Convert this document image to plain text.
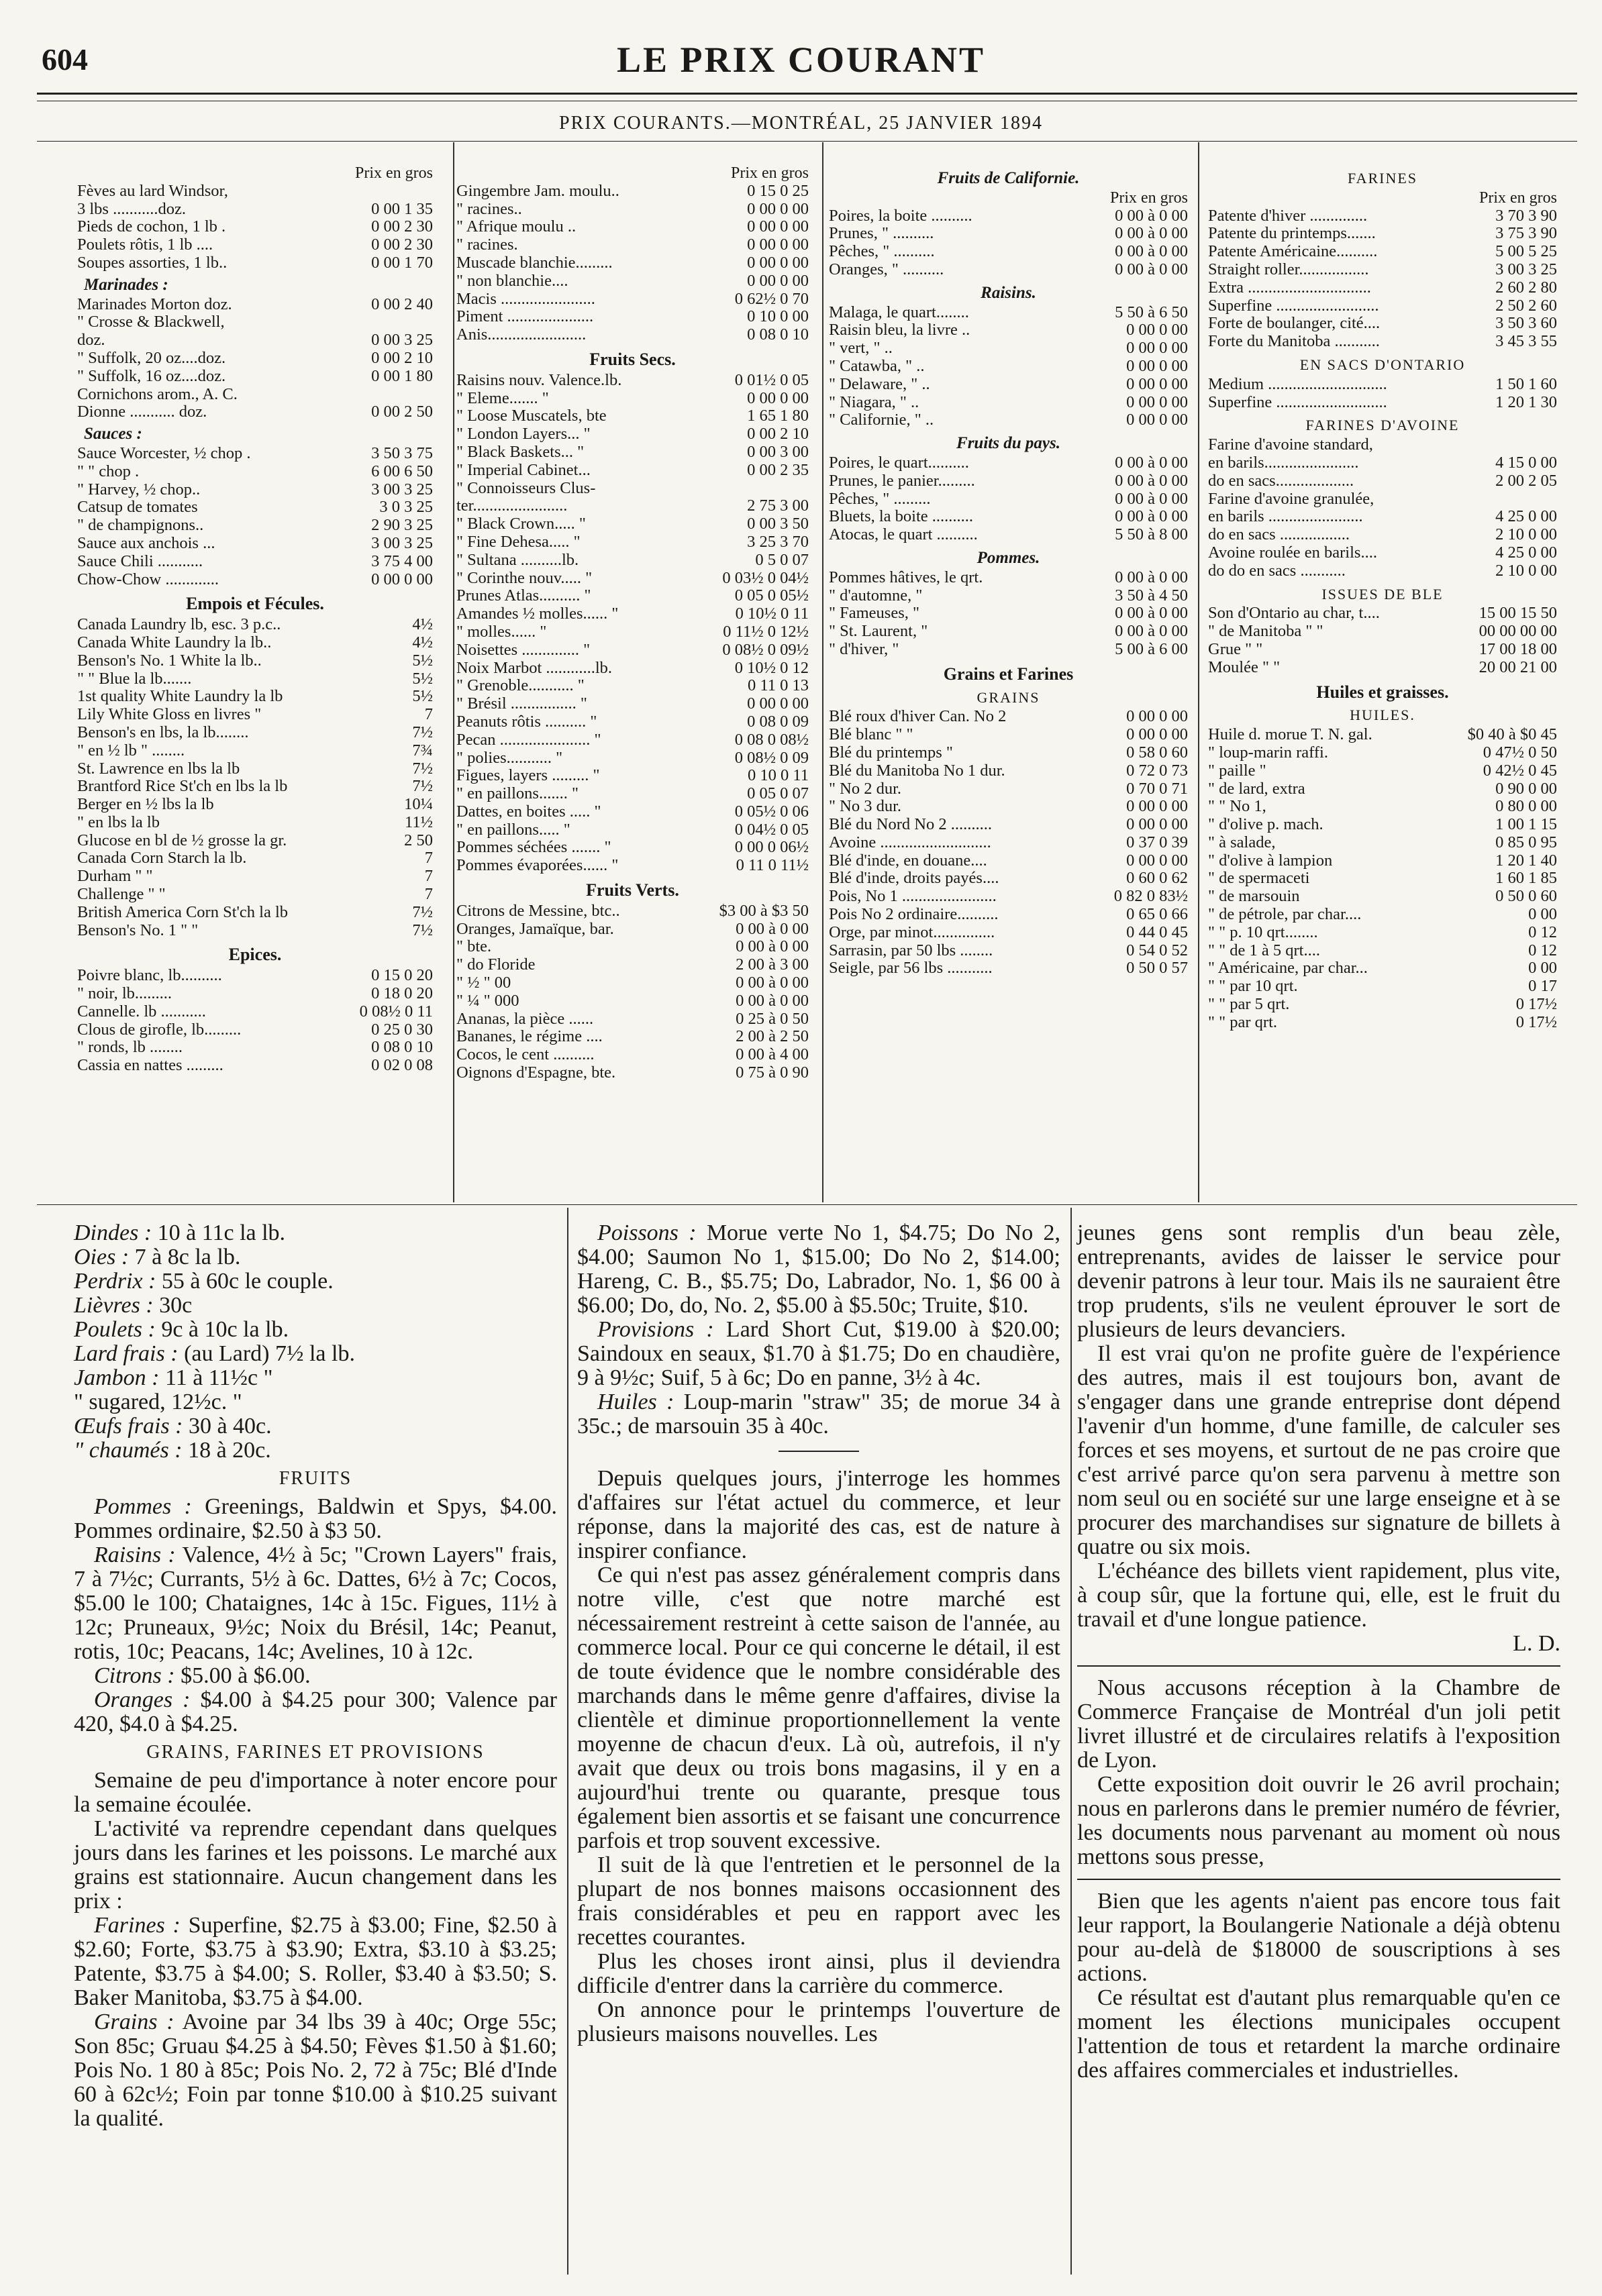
604	LE PRIX COURANT
PRIX COURANTS.—MONTRÉAL, 25 JANVIER 1894
Prix en gros
Fèves au lard Windsor,
3 lbs ...........doz.	0 00 1 35
Pieds de cochon, 1 lb .	0 00 2 30
Poulets rôtis, 1 lb ....	0 00 2 30
Soupes assorties, 1 lb..	0 00 1 70
Marinades :
Marinades Morton doz.	0 00 2 40
" Crosse & Blackwell,
doz.	0 00 3 25
" Suffolk, 20 oz....doz.	0 00 2 10
" Suffolk, 16 oz....doz.	0 00 1 80
Cornichons arom., A. C.
Dionne ........... doz.	0 00 2 50
Sauces :
Sauce Worcester, ½ chop .	3 50 3 75
" " chop .	6 00 6 50
" Harvey, ½ chop..	3 00 3 25
Catsup de tomates	3 0 3 25
" de champignons..	2 90 3 25
Sauce aux anchois ...	3 00 3 25
Sauce Chili ...........	3 75 4 00
Chow-Chow .............	0 00 0 00
Empois et Fécules.
Canada Laundry lb, esc. 3 p.c..	4½
Canada White Laundry la lb..	4½
Benson's No. 1 White la lb..	5½
" " Blue la lb.......	5½
1st quality White Laundry la lb	5½
Lily White Gloss en livres "	7
Benson's en lbs, la lb........	7½
" en ½ lb " ........	7¾
St. Lawrence en lbs la lb	7½
Brantford Rice St'ch en lbs la lb	7½
Berger en ½ lbs la lb	10¼
" en lbs la lb	11½
Glucose en bl de ½ grosse la gr.	2 50
Canada Corn Starch la lb.	7
Durham " "	7
Challenge " "	7
British America Corn St'ch la lb	7½
Benson's No. 1 " "	7½
Epices.
Poivre blanc, lb..........	0 15 0 20
" noir, lb.........	0 18 0 20
Cannelle. lb ...........	0 08½ 0 11
Clous de girofle, lb.........	0 25 0 30
" ronds, lb ........	0 08 0 10
Cassia en nattes .........	0 02 0 08
Prix en gros
Gingembre Jam. moulu..	0 15 0 25
" racines..	0 00 0 00
" Afrique moulu ..	0 00 0 00
" racines.	0 00 0 00
Muscade blanchie.........	0 00 0 00
" non blanchie....	0 00 0 00
Macis .......................	0 62½ 0 70
Piment .....................	0 10 0 00
Anis........................	0 08 0 10
Fruits Secs.
Raisins nouv. Valence.lb.	0 01½ 0 05
" Eleme....... "	0 00 0 00
" Loose Muscatels, bte	1 65 1 80
" London Layers... "	0 00 2 10
" Black Baskets... "	0 00 3 00
" Imperial Cabinet...	0 00 2 35
" Connoisseurs Clus-
ter.......................	2 75 3 00
" Black Crown..... "	0 00 3 50
" Fine Dehesa..... "	3 25 3 70
" Sultana ..........lb.	0 5 0 07
" Corinthe nouv..... "	0 03½ 0 04½
Prunes Atlas.......... "	0 05 0 05½
Amandes ½ molles...... "	0 10½ 0 11
" molles...... "	0 11½ 0 12½
Noisettes .............. "	0 08½ 0 09½
Noix Marbot ............lb.	0 10½ 0 12
" Grenoble........... "	0 11 0 13
" Brésil ................ "	0 00 0 00
Peanuts rôtis .......... "	0 08 0 09
Pecan ...................... "	0 08 0 08½
" polies........... "	0 08½ 0 09
Figues, layers ......... "	0 10 0 11
" en paillons....... "	0 05 0 07
Dattes, en boites ..... "	0 05½ 0 06
" en paillons..... "	0 04½ 0 05
Pommes séchées ....... "	0 00 0 06½
Pommes évaporées...... "	0 11 0 11½
Fruits Verts.
Citrons de Messine, btc..	$3 00 à $3 50
Oranges, Jamaïque, bar.	0 00 à 0 00
" bte.	0 00 à 0 00
" do Floride	2 00 à 3 00
" ½ " 00	0 00 à 0 00
" ¼ " 000	0 00 à 0 00
Ananas, la pièce ......	0 25 à 0 50
Bananes, le régime ....	2 00 à 2 50
Cocos, le cent ..........	0 00 à 4 00
Oignons d'Espagne, bte.	0 75 à 0 90
Fruits de Californie.
Prix en gros
Poires, la boite ..........	0 00 à 0 00
Prunes, " ..........	0 00 à 0 00
Pêches, " ..........	0 00 à 0 00
Oranges, " ..........	0 00 à 0 00
Raisins.
Malaga, le quart........	5 50 à 6 50
Raisin bleu, la livre ..	0 00 0 00
" vert, " ..	0 00 0 00
" Catawba, " ..	0 00 0 00
" Delaware, " ..	0 00 0 00
" Niagara, " ..	0 00 0 00
" Californie, " ..	0 00 0 00
Fruits du pays.
Poires, le quart..........	0 00 à 0 00
Prunes, le panier.........	0 00 à 0 00
Pêches, " .........	0 00 à 0 00
Bluets, la boite ..........	0 00 à 0 00
Atocas, le quart ..........	5 50 à 8 00
Pommes.
Pommes hâtives, le qrt.	0 00 à 0 00
" d'automne, "	3 50 à 4 50
" Fameuses, "	0 00 à 0 00
" St. Laurent, "	0 00 à 0 00
" d'hiver, "	5 00 à 6 00
Grains et Farines
GRAINS
Blé roux d'hiver Can. No 2	0 00 0 00
Blé blanc " "	0 00 0 00
Blé du printemps "	0 58 0 60
Blé du Manitoba No 1 dur.	0 72 0 73
" No 2 dur.	0 70 0 71
" No 3 dur.	0 00 0 00
Blé du Nord No 2 ..........	0 00 0 00
Avoine ...........................	0 37 0 39
Blé d'inde, en douane....	0 00 0 00
Blé d'inde, droits payés....	0 60 0 62
Pois, No 1 .......................	0 82 0 83½
Pois No 2 ordinaire..........	0 65 0 66
Orge, par minot...............	0 44 0 45
Sarrasin, par 50 lbs ........	0 54 0 52
Seigle, par 56 lbs ...........	0 50 0 57
FARINES
Prix en gros
Patente d'hiver ..............	3 70 3 90
Patente du printemps.......	3 75 3 90
Patente Américaine..........	5 00 5 25
Straight roller.................	3 00 3 25
Extra ..............................	2 60 2 80
Superfine .........................	2 50 2 60
Forte de boulanger, cité....	3 50 3 60
Forte du Manitoba ...........	3 45 3 55
EN SACS D'ONTARIO
Medium .............................	1 50 1 60
Superfine ...........................	1 20 1 30
FARINES D'AVOINE
Farine d'avoine standard,
en barils.......................	4 15 0 00
do en sacs...................	2 00 2 05
Farine d'avoine granulée,
en barils .......................	4 25 0 00
do en sacs .................	2 10 0 00
Avoine roulée en barils....	4 25 0 00
do do en sacs ...........	2 10 0 00
ISSUES DE BLE
Son d'Ontario au char, t....	15 00 15 50
" de Manitoba " "	00 00 00 00
Grue " "	17 00 18 00
Moulée " "	20 00 21 00
Huiles et graisses.
HUILES.
Huile d. morue T. N. gal.	$0 40 à $0 45
" loup-marin raffi.	0 47½ 0 50
" paille "	0 42½ 0 45
" de lard, extra	0 90 0 00
" " No 1,	0 80 0 00
" d'olive p. mach.	1 00 1 15
" à salade,	0 85 0 95
" d'olive à lampion	1 20 1 40
" de spermaceti	1 60 1 85
" de marsouin	0 50 0 60
" de pétrole, par char....	0 00
" " p. 10 qrt........	0 12
" " de 1 à 5 qrt....	0 12
" Américaine, par char...	0 00
" " par 10 qrt.	0 17
" " par 5 qrt.	0 17½
" " par qrt.	0 17½

Dindes : 10 à 11c la lb.

Oies : 7 à 8c la lb.

Perdrix : 55 à 60c le couple.

Lièvres : 30c

Poulets : 9c à 10c la lb.

Lard frais : (au Lard) 7½ la lb.

Jambon : 11 à 11½c "

" sugared, 12½c. "

Œufs frais : 30 à 40c.

" chaumés : 18 à 20c.

FRUITS

Pommes : Greenings, Baldwin et Spys, $4.00. Pommes ordinaire, $2.50 à $3 50.

Raisins : Valence, 4½ à 5c; "Crown Layers" frais, 7 à 7½c; Currants, 5½ à 6c. Dattes, 6½ à 7c; Cocos, $5.00 le 100; Chataignes, 14c à 15c. Figues, 11½ à 12c; Pruneaux, 9½c; Noix du Brésil, 14c; Peanut, rotis, 10c; Peacans, 14c; Avelines, 10 à 12c.

Citrons : $5.00 à $6.00.

Oranges : $4.00 à $4.25 pour 300; Valence par 420, $4.0 à $4.25.

GRAINS, FARINES ET PROVISIONS

Semaine de peu d'importance à noter encore pour la semaine écoulée.

L'activité va reprendre cependant dans quelques jours dans les farines et les poissons. Le marché aux grains est stationnaire. Aucun changement dans les prix :

Farines : Superfine, $2.75 à $3.00; Fine, $2.50 à $2.60; Forte, $3.75 à $3.90; Extra, $3.10 à $3.25; Patente, $3.75 à $4.00; S. Roller, $3.40 à $3.50; S. Baker Manitoba, $3.75 à $4.00.

Grains : Avoine par 34 lbs 39 à 40c; Orge 55c; Son 85c; Gruau $4.25 à $4.50; Fèves $1.50 à $1.60; Pois No. 1 80 à 85c; Pois No. 2, 72 à 75c; Blé d'Inde 60 à 62c½; Foin par tonne $10.00 à $10.25 suivant la qualité.

Poissons : Morue verte No 1, $4.75; Do No 2, $4.00; Saumon No 1, $15.00; Do No 2, $14.00; Hareng, C. B., $5.75; Do, Labrador, No. 1, $6 00 à $6.00; Do, do, No. 2, $5.00 à $5.50c; Truite, $10.

Provisions : Lard Short Cut, $19.00 à $20.00; Saindoux en seaux, $1.70 à $1.75; Do en chaudière, 9 à 9½c; Suif, 5 à 6c; Do en panne, 3½ à 4c.

Huiles : Loup-marin "straw" 35; de morue 34 à 35c.; de marsouin 35 à 40c.

Depuis quelques jours, j'interroge les hommes d'affaires sur l'état actuel du commerce, et leur réponse, dans la majorité des cas, est de nature à inspirer confiance.

Ce qui n'est pas assez généralement compris dans notre ville, c'est que notre marché est nécessairement restreint à cette saison de l'année, au commerce local. Pour ce qui concerne le détail, il est de toute évidence que le nombre considérable des marchands dans le même genre d'affaires, divise la clientèle et diminue proportionnellement la vente moyenne de chacun d'eux. Là où, autrefois, il n'y avait que deux ou trois bons magasins, il y en a aujourd'hui trente ou quarante, presque tous également bien assortis et se faisant une concurrence parfois et trop souvent excessive.

Il suit de là que l'entretien et le personnel de la plupart de nos bonnes maisons occasionnent des frais considérables et peu en rapport avec les recettes courantes.

Plus les choses iront ainsi, plus il deviendra difficile d'entrer dans la carrière du commerce.

On annonce pour le printemps l'ouverture de plusieurs maisons nouvelles. Les

jeunes gens sont remplis d'un beau zèle, entreprenants, avides de laisser le service pour devenir patrons à leur tour. Mais ils ne sauraient être trop prudents, s'ils ne veulent éprouver le sort de plusieurs de leurs devanciers.

Il est vrai qu'on ne profite guère de l'expérience des autres, mais il est toujours bon, avant de s'engager dans une grande entreprise dont dépend l'avenir d'un homme, d'une famille, de calculer ses forces et ses moyens, et surtout de ne pas croire que c'est arrivé parce qu'on sera parvenu à mettre son nom seul ou en société sur une large enseigne et à se procurer des marchandises sur signature de billets à quatre ou six mois.

L'échéance des billets vient rapidement, plus vite, à coup sûr, que la fortune qui, elle, est le fruit du travail et d'une longue patience.

L. D.

Nous accusons réception à la Chambre de Commerce Française de Montréal d'un joli petit livret illustré et de circulaires relatifs à l'exposition de Lyon.

Cette exposition doit ouvrir le 26 avril prochain; nous en parlerons dans le premier numéro de février, les documents nous parvenant au moment où nous mettons sous presse,

Bien que les agents n'aient pas encore tous fait leur rapport, la Boulangerie Nationale a déjà obtenu pour au-delà de $18000 de souscriptions à ses actions.

Ce résultat est d'autant plus remarquable qu'en ce moment les élections municipales occupent l'attention de tous et retardent la marche ordinaire des affaires commerciales et industrielles.
